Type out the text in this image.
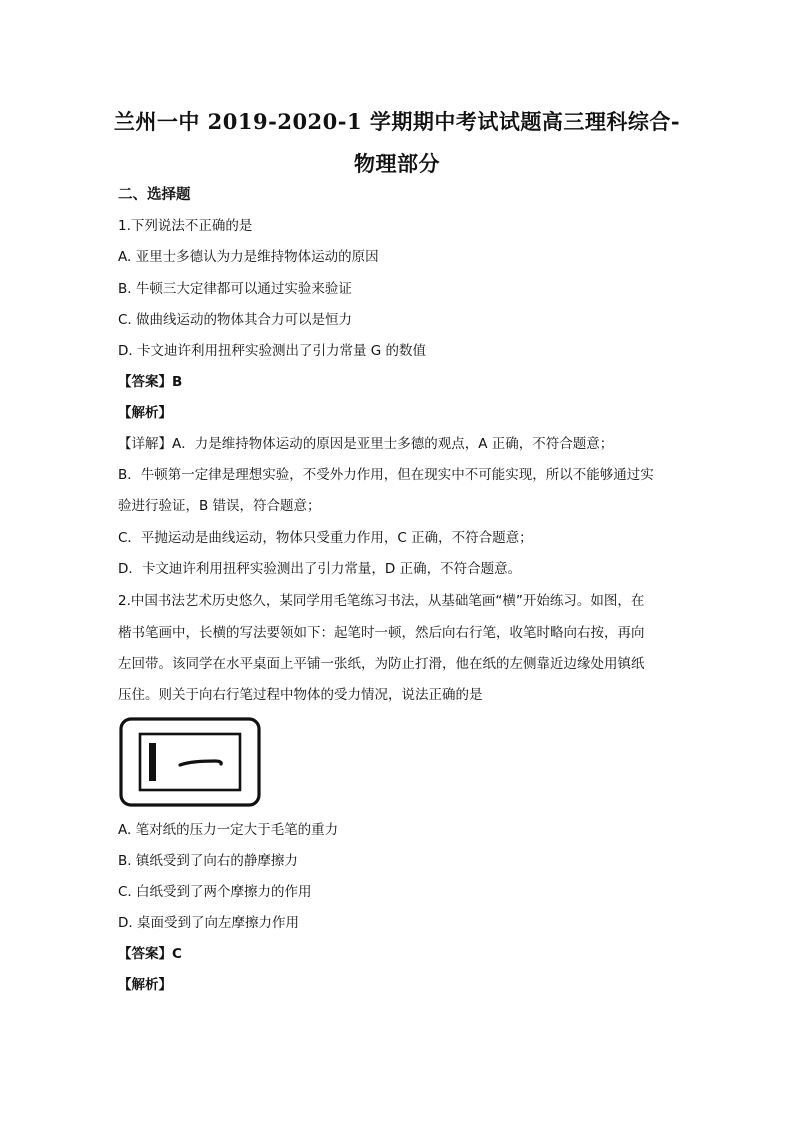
兰州一中 2019-2020-1 学期期中考试试题高三理科综合-
物理部分
二、选择题
1.下列说法不正确的是
A. 亚里士多德认为力是维持物体运动的原因
B. 牛顿三大定律都可以通过实验来验证
C. 做曲线运动的物体其合力可以是恒力
D. 卡文迪许利用扭秤实验测出了引力常量 G 的数值
【答案】B
【解析】
【详解】A．力是维持物体运动的原因是亚里士多德的观点，A 正确，不符合题意；
B．牛顿第一定律是理想实验，不受外力作用，但在现实中不可能实现，所以不能够通过实
验进行验证，B 错误，符合题意；
C．平抛运动是曲线运动，物体只受重力作用，C 正确，不符合题意；
D．卡文迪许利用扭秤实验测出了引力常量，D 正确，不符合题意。
2.中国书法艺术历史悠久，某同学用毛笔练习书法，从基础笔画“横”开始练习。如图，在
楷书笔画中，长横的写法要领如下：起笔时一顿，然后向右行笔，收笔时略向右按，再向
左回带。该同学在水平桌面上平铺一张纸，为防止打滑，他在纸的左侧靠近边缘处用镇纸
压住。则关于向右行笔过程中物体的受力情况，说法正确的是
A. 笔对纸的压力一定大于毛笔的重力
B. 镇纸受到了向右的静摩擦力
C. 白纸受到了两个摩擦力的作用
D. 桌面受到了向左摩擦力作用
【答案】C
【解析】
